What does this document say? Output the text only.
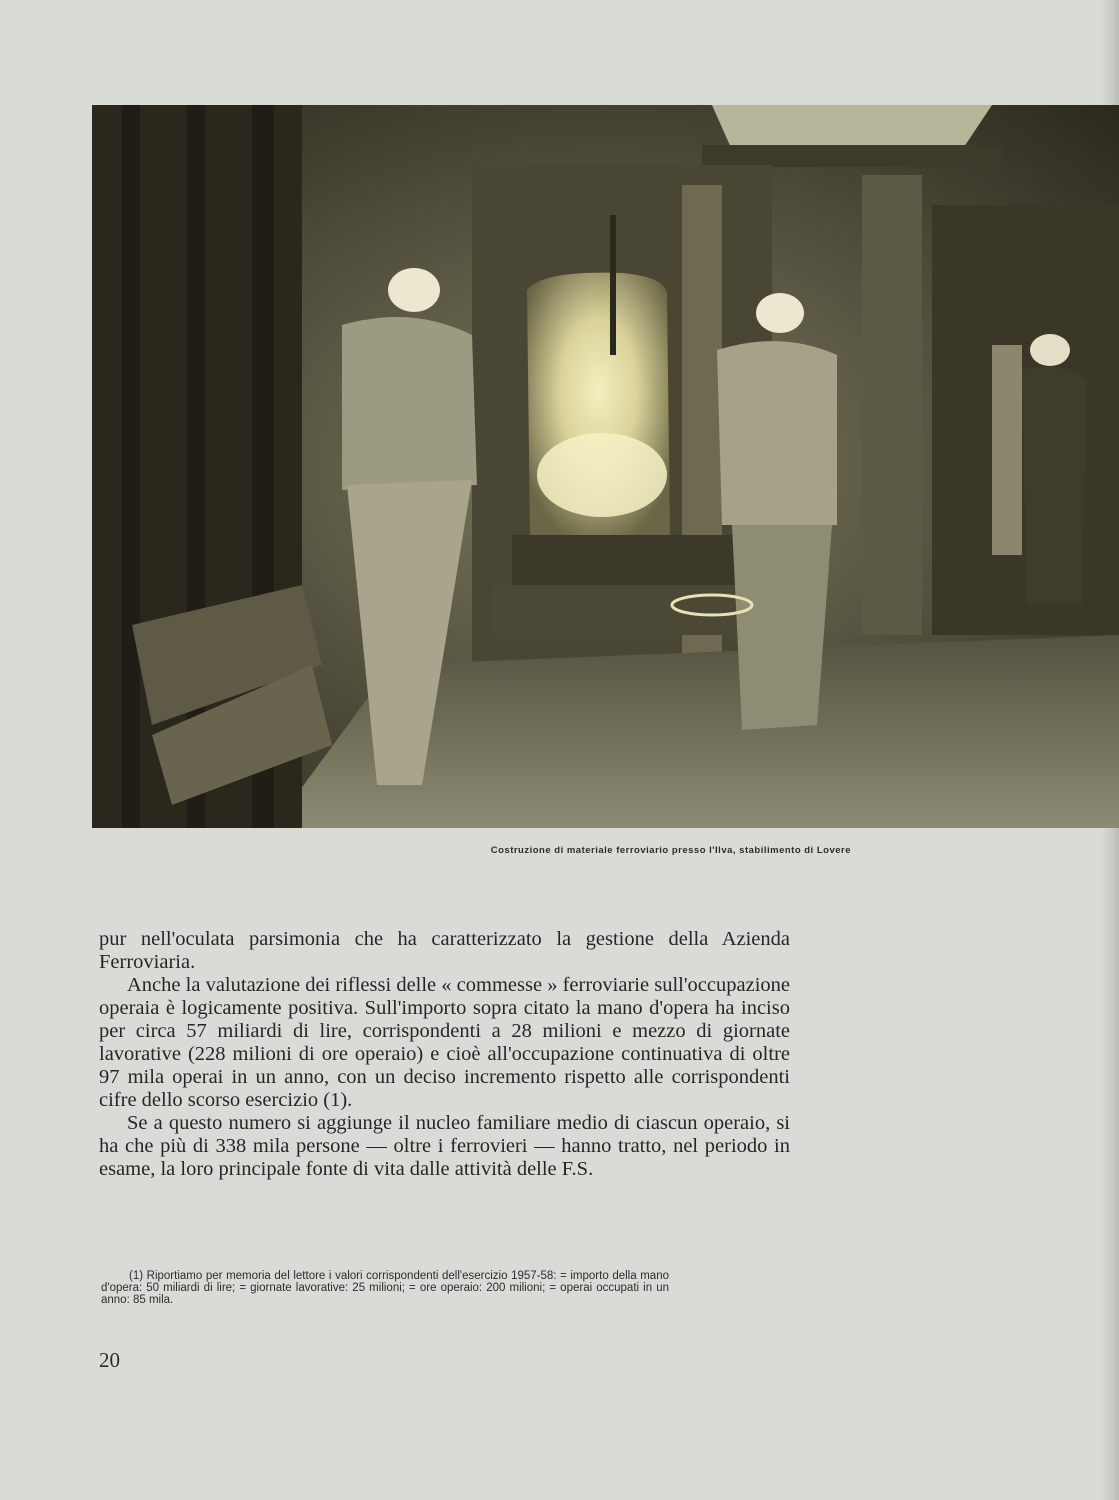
Costruzione di materiale ferroviario presso l'Ilva, stabilimento di Lovere

pur nell'oculata parsimonia che ha caratterizzato la gestione della Azienda Ferroviaria.

Anche la valutazione dei riflessi delle « commesse » ferroviarie sull'occupazione operaia è logicamente positiva. Sull'importo sopra citato la mano d'opera ha inciso per circa 57 miliardi di lire, corrispondenti a 28 milioni e mezzo di giornate lavorative (228 milioni di ore operaio) e cioè all'occupazione continuativa di oltre 97 mila operai in un anno, con un deciso incremento rispetto alle corrispondenti cifre dello scorso esercizio (1).

Se a questo numero si aggiunge il nucleo familiare medio di ciascun operaio, si ha che più di 338 mila persone — oltre i ferrovieri — hanno tratto, nel periodo in esame, la loro principale fonte di vita dalle attività delle F.S.

(1) Riportiamo per memoria del lettore i valori corrispondenti dell'esercizio 1957-58: = importo della mano d'opera: 50 miliardi di lire; = giornate lavorative: 25 milioni; = ore operaio: 200 milioni; = operai occupati in un anno: 85 mila.

20
